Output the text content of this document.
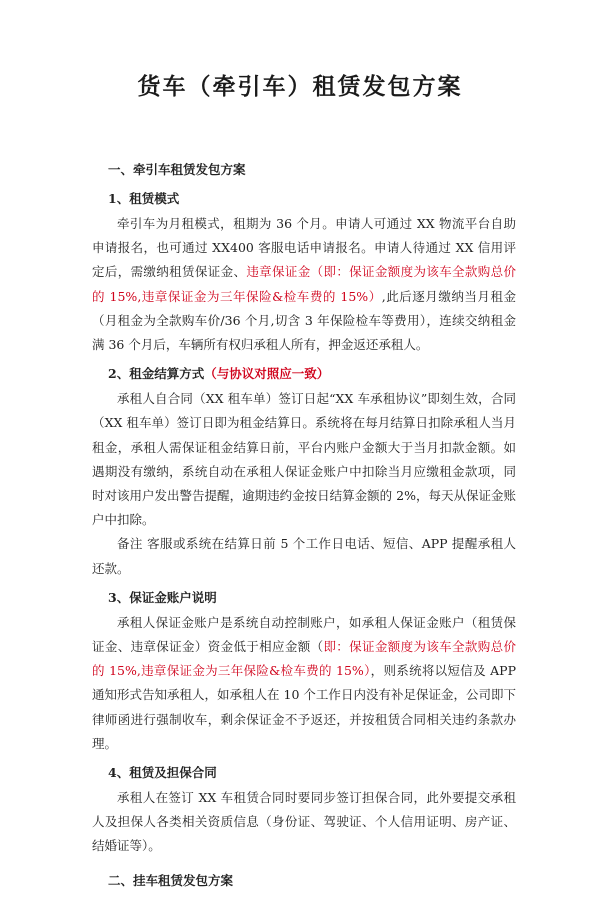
货车（牵引车）租赁发包方案
一、牵引车租赁发包方案
1、租赁模式

牵引车为月租模式，租期为 36 个月。申请人可通过 XX 物流平台自助申请报名，也可通过 XX400 客服电话申请报名。申请人待通过 XX 信用评定后，需缴纳租赁保证金、违章保证金（即：保证金额度为该车全款购总价的 15%,违章保证金为三年保险&检车费的 15%）,此后逐月缴纳当月租金（月租金为全款购车价/36 个月,切含 3 年保险检车等费用），连续交纳租金满 36 个月后，车辆所有权归承租人所有，押金返还承租人。

2、租金结算方式（与协议对照应一致）

承租人自合同（XX 租车单）签订日起“XX 车承租协议”即刻生效，合同（XX 租车单）签订日即为租金结算日。系统将在每月结算日扣除承租人当月租金，承租人需保证租金结算日前，平台内账户金额大于当月扣款金额。如遇期没有缴纳，系统自动在承租人保证金账户中扣除当月应缴租金款项，同时对该用户发出警告提醒，逾期违约金按日结算金额的 2%，每天从保证金账户中扣除。

备注 客服或系统在结算日前 5 个工作日电话、短信、APP 提醒承租人还款。

3、保证金账户说明

承租人保证金账户是系统自动控制账户，如承租人保证金账户（租赁保证金、违章保证金）资金低于相应金额（即：保证金额度为该车全款购总价的 15%,违章保证金为三年保险&检车费的 15%），则系统将以短信及 APP 通知形式告知承租人，如承租人在 10 个工作日内没有补足保证金，公司即下律师函进行强制收车，剩余保证金不予返还，并按租赁合同相关违约条款办理。

4、租赁及担保合同

承租人在签订 XX 车租赁合同时要同步签订担保合同，此外要提交承租人及担保人各类相关资质信息（身份证、驾驶证、个人信用证明、房产证、结婚证等）。

二、挂车租赁发包方案
